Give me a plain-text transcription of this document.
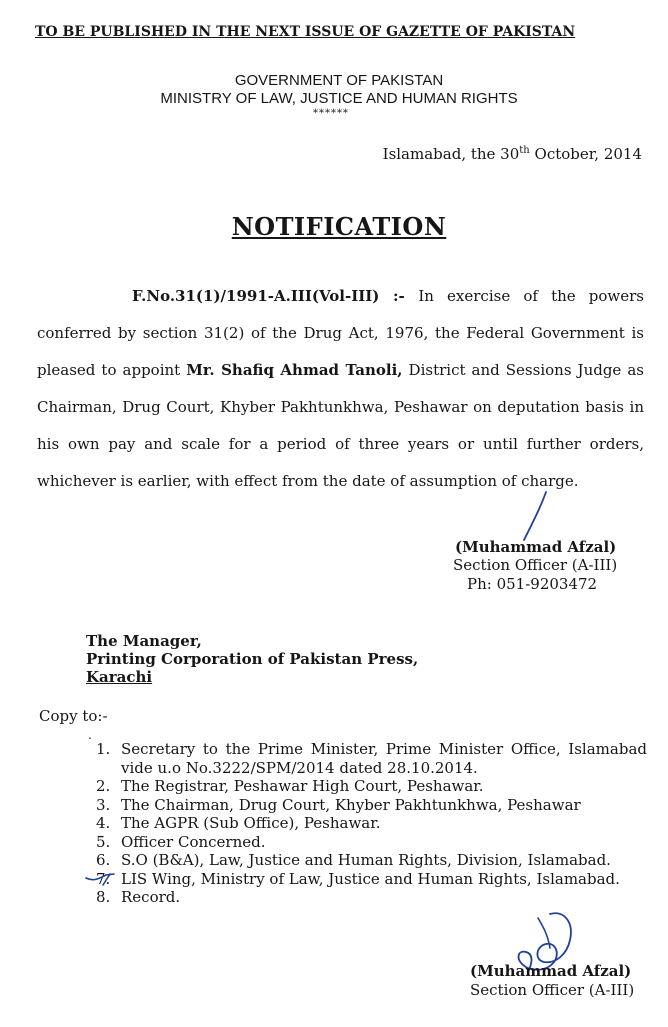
TO BE PUBLISHED IN THE NEXT ISSUE OF GAZETTE OF PAKISTAN
GOVERNMENT OF PAKISTAN
MINISTRY OF LAW, JUSTICE AND HUMAN RIGHTS
******
Islamabad, the 30th October, 2014
NOTIFICATION
F.No.31(1)/1991-A.III(Vol-III) :- In exercise of the powers conferred by section 31(2) of the Drug Act, 1976, the Federal Government is pleased to appoint Mr. Shafiq Ahmad Tanoli, District and Sessions Judge as Chairman, Drug Court, Khyber Pakhtunkhwa, Peshawar on deputation basis in his own pay and scale for a period of three years or until further orders, whichever is earlier, with effect from the date of assumption of charge.
(Muhammad Afzal)
Section Officer (A-III)
Ph: 051-9203472
The Manager,
Printing Corporation of Pakistan Press,
Karachi
Copy to:-
.
1. Secretary to the Prime Minister, Prime Minister Office, Islamabad vide u.o No.3222/SPM/2014 dated 28.10.2014.
2. The Registrar, Peshawar High Court, Peshawar.
3. The Chairman, Drug Court, Khyber Pakhtunkhwa, Peshawar
4. The AGPR (Sub Office), Peshawar.
5. Officer Concerned.
6. S.O (B&A), Law, Justice and Human Rights, Division, Islamabad.
7. LIS Wing, Ministry of Law, Justice and Human Rights, Islamabad.
8. Record.
(Muhammad Afzal)
Section Officer (A-III)
